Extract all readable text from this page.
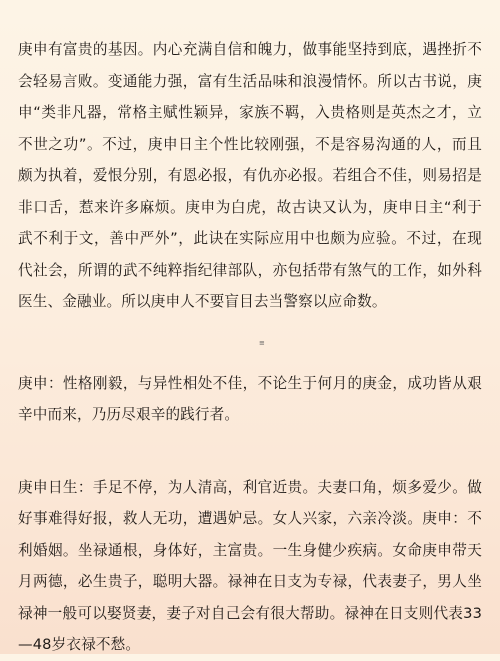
庚申有富贵的基因。内心充满自信和魄力，做事能坚持到底，遇挫折不会轻易言败。变通能力强，富有生活品味和浪漫情怀。所以古书说，庚申“类非凡器，常格主赋性颖异，家族不羁，入贵格则是英杰之才，立不世之功”。不过，庚申日主个性比较刚强，不是容易沟通的人，而且颇为执着，爱恨分别，有恩必报，有仇亦必报。若组合不佳，则易招是非口舌，惹来许多麻烦。庚申为白虎，故古诀又认为，庚申日主“利于武不利于文，善中严外”，此诀在实际应用中也颇为应验。不过，在现代社会，所谓的武不纯粹指纪律部队，亦包括带有煞气的工作，如外科医生、金融业。所以庚申人不要盲目去当警察以应命数。

≡

庚申：性格刚毅，与异性相处不佳，不论生于何月的庚金，成功皆从艰辛中而来，乃历尽艰辛的践行者。

庚申日生：手足不停，为人清高，利官近贵。夫妻口角，烦多爱少。做好事难得好报，救人无功，遭遇妒忌。女人兴家，六亲冷淡。庚申：不利婚姻。坐禄通根，身体好，主富贵。一生身健少疾病。女命庚申带天月两德，必生贵子，聪明大器。禄神在日支为专禄，代表妻子，男人坐禄神一般可以娶贤妻，妻子对自己会有很大帮助。禄神在日支则代表33—48岁衣禄不愁。
